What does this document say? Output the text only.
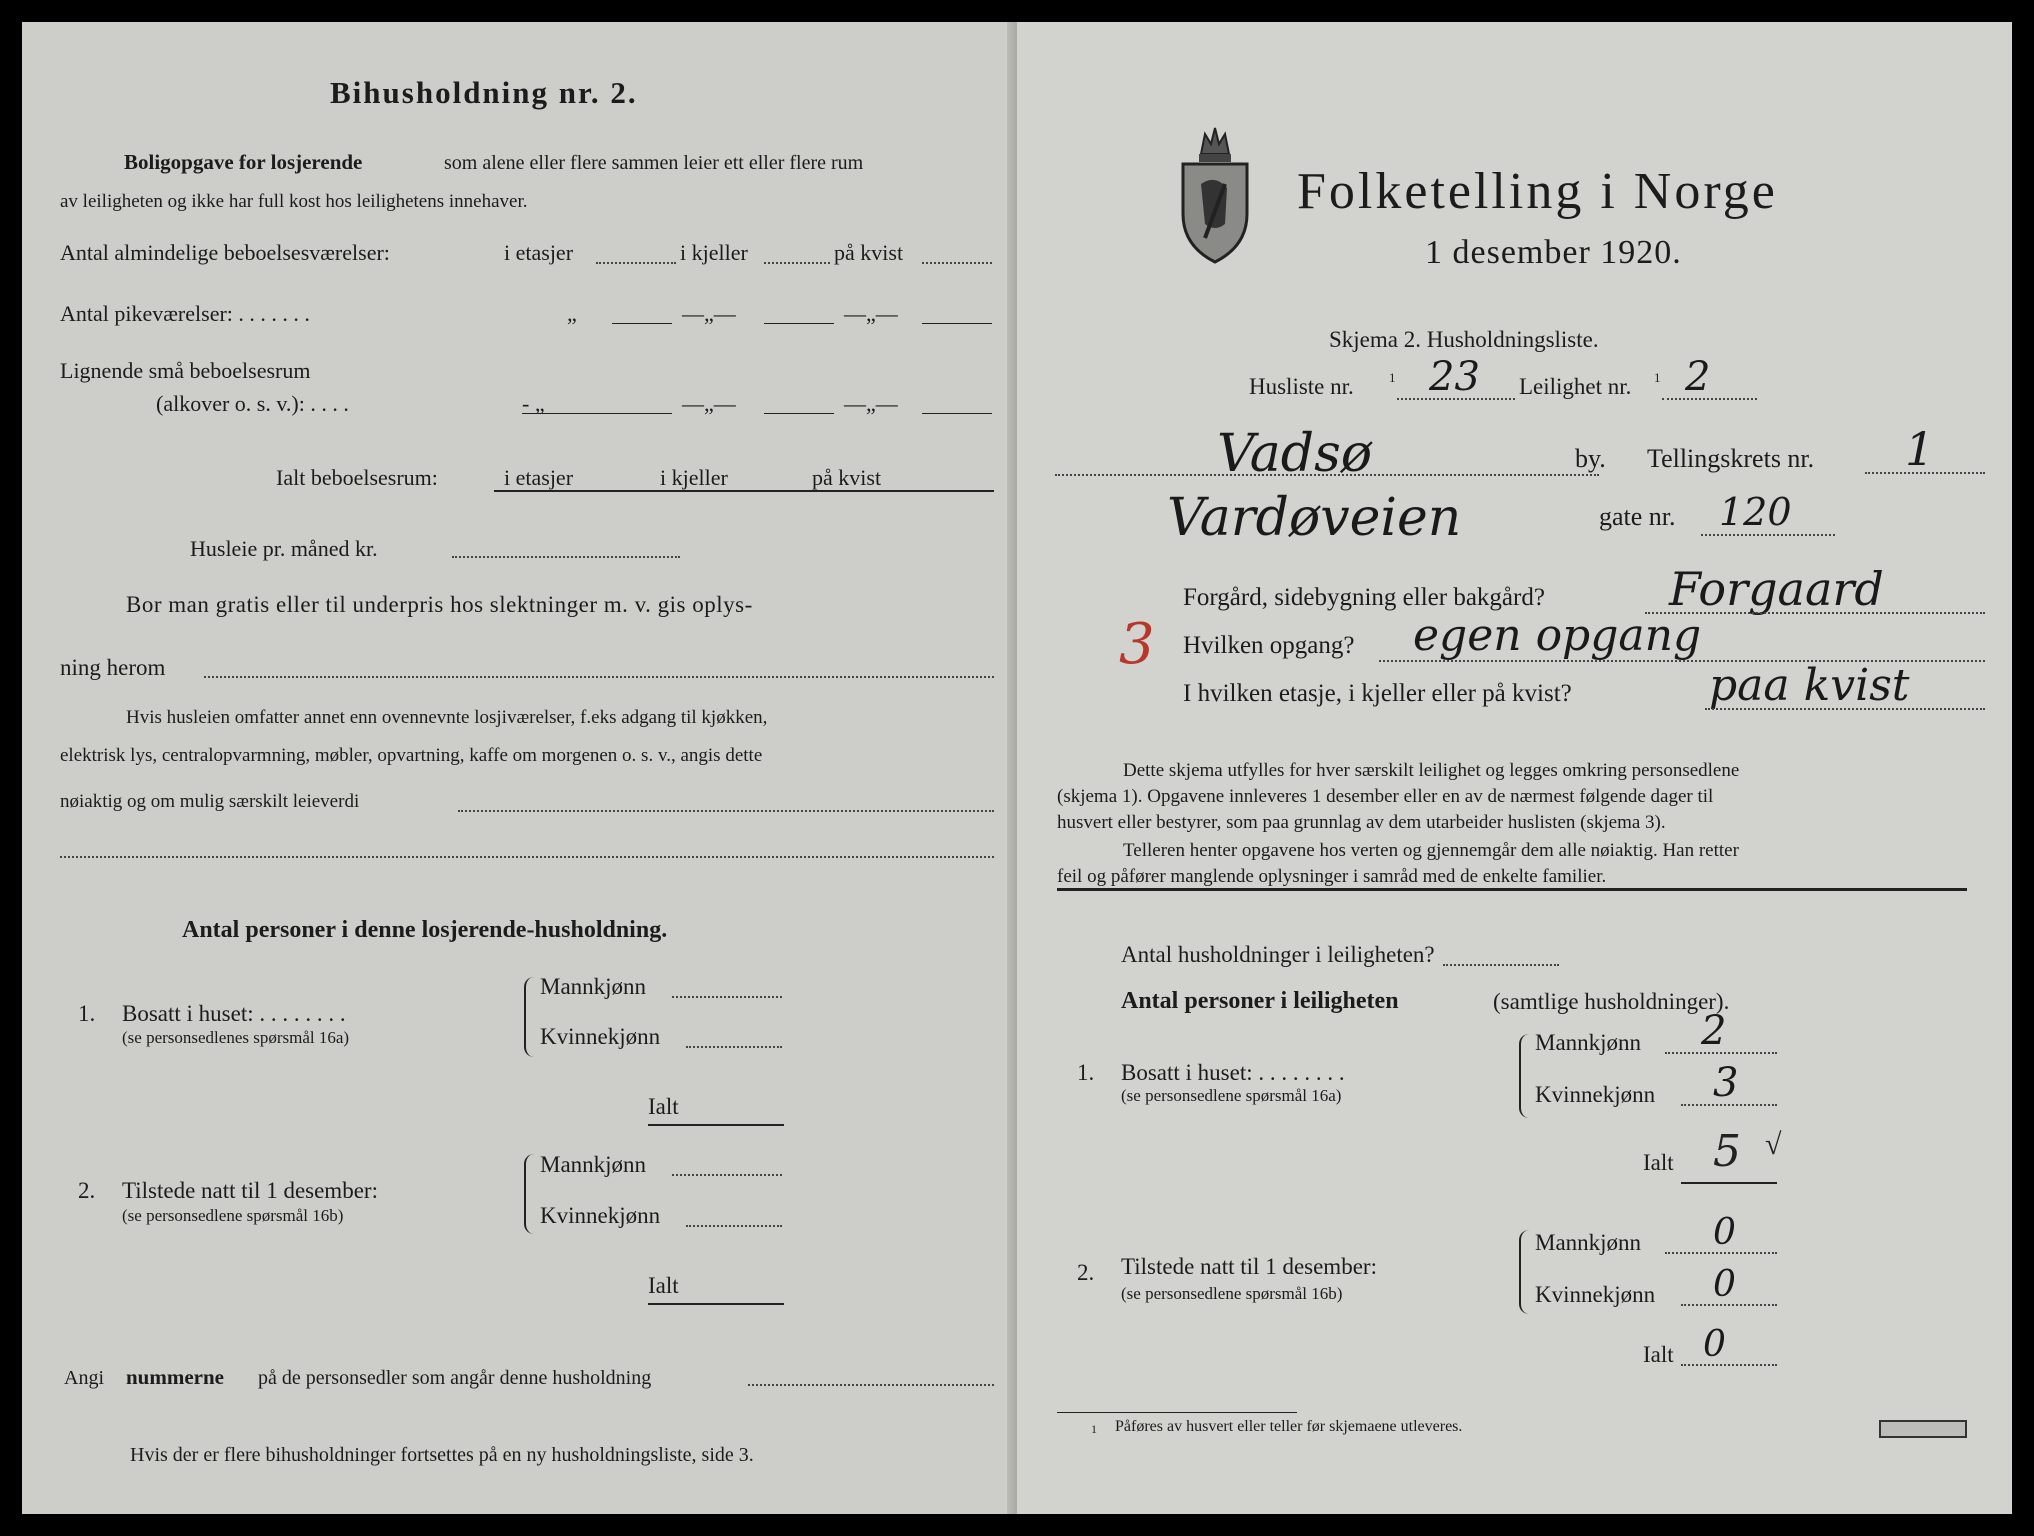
Bihusholdning nr. 2.
Boligopgave for losjerende	som alene eller flere sammen leier ett eller flere rum
av leiligheten og ikke har full kost hos leilighetens innehaver.
Antal almindelige beboelsesværelser:	i etasjer	i kjeller	på kvist
Antal pikeværelser: . . . . . . .	„	—„—	—„—
Lignende små beboelsesrum
(alkover o. s. v.): . . . .	- „	—„—	—„—
Ialt beboelsesrum:	i etasjer	i kjeller	på kvist
Husleie pr. måned kr.
Bor man gratis eller til underpris hos slektninger m. v. gis oplys-
ning herom
Hvis husleien omfatter annet enn ovennevnte losjiværelser, f.eks adgang til kjøkken,
elektrisk lys, centralopvarmning, møbler, opvartning, kaffe om morgenen o. s. v., angis dette
nøiaktig og om mulig særskilt leieverdi
Antal personer i denne losjerende-husholdning.
1. Bosatt i huset: . . . . . . . .
(se personsedlenes spørsmål 16a)
Mannkjønn
Kvinnekjønn
Ialt
2. Tilstede natt til 1 desember:
(se personsedlene spørsmål 16b)
Mannkjønn
Kvinnekjønn
Ialt
Angi nummerne på de personsedler som angår denne husholdning
Hvis der er flere bihusholdninger fortsettes på en ny husholdningsliste, side 3.
Folketelling i Norge
1 desember 1920.
Skjema 2. Husholdningsliste.
Husliste nr.	1 23 Leilighet nr. 1 2
Vadsø	by. Tellingskrets nr. 1
Vardøveien	gate nr. 120
3
Forgård, sidebygning eller bakgård?	Forgaard
Hvilken opgang? egen opgang
I hvilken etasje, i kjeller eller på kvist?	paa kvist
Dette skjema utfylles for hver særskilt leilighet og legges omkring personsedlene
(skjema 1). Opgavene innleveres 1 desember eller en av de nærmest følgende dager til
husvert eller bestyrer, som paa grunnlag av dem utarbeider huslisten (skjema 3).
Telleren henter opgavene hos verten og gjennemgår dem alle nøiaktig. Han retter
feil og påfører manglende oplysninger i samråd med de enkelte familier.
Antal husholdninger i leiligheten?
Antal personer i leiligheten	(samtlige husholdninger).
1. Bosatt i huset: . . . . . . . .
(se personsedlene spørsmål 16a)
Mannkjønn 2
Kvinnekjønn 3
Ialt 5 √
2. Tilstede natt til 1 desember:
(se personsedlene spørsmål 16b)
Mannkjønn 0
Kvinnekjønn 0
Ialt 0
1 Påføres av husvert eller teller før skjemaene utleveres.
